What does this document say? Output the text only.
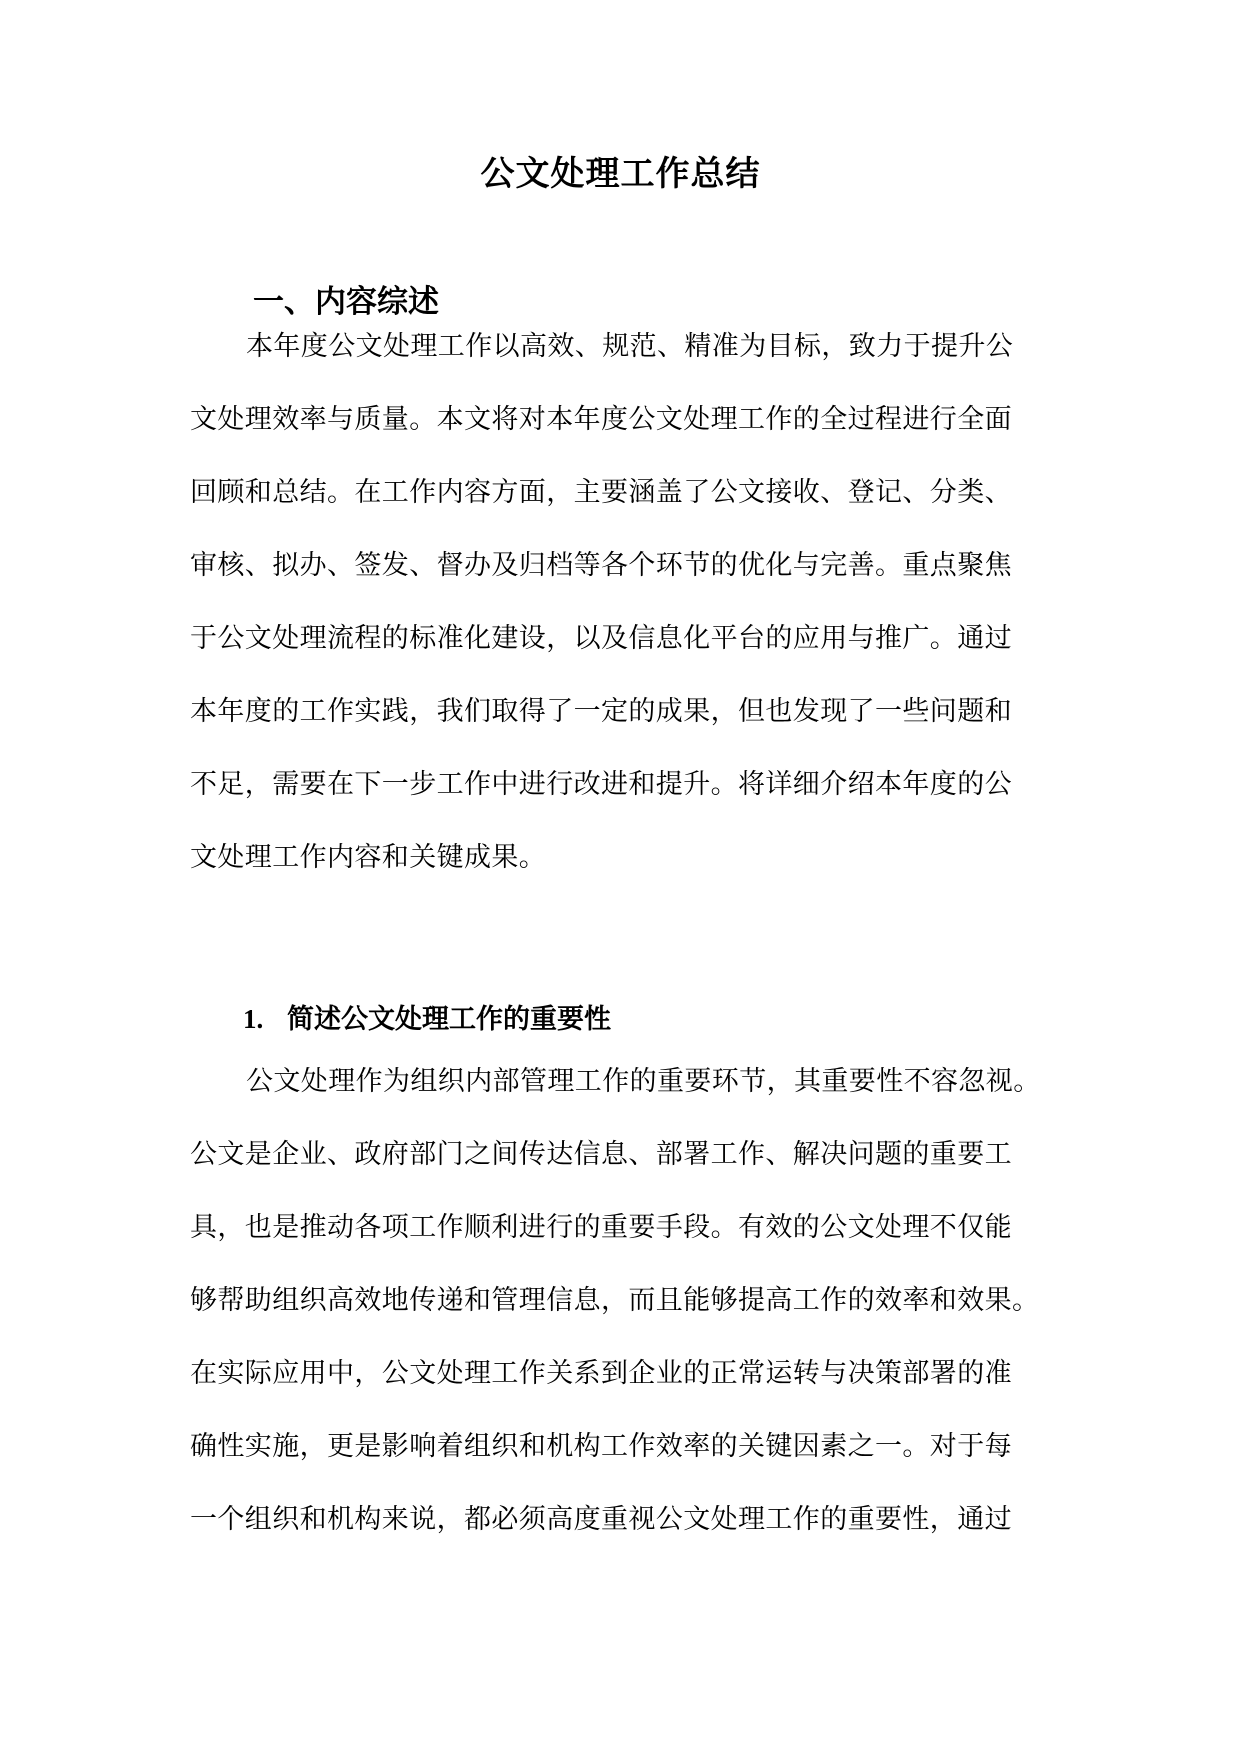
公文处理工作总结
一、内容综述
本年度公文处理工作以高效、规范、精准为目标，致力于提升公
文处理效率与质量。本文将对本年度公文处理工作的全过程进行全面
回顾和总结。在工作内容方面，主要涵盖了公文接收、登记、分类、
审核、拟办、签发、督办及归档等各个环节的优化与完善。重点聚焦
于公文处理流程的标准化建设，以及信息化平台的应用与推广。通过
本年度的工作实践，我们取得了一定的成果，但也发现了一些问题和
不足，需要在下一步工作中进行改进和提升。将详细介绍本年度的公
文处理工作内容和关键成果。
1. 简述公文处理工作的重要性
公文处理作为组织内部管理工作的重要环节，其重要性不容忽视。
公文是企业、政府部门之间传达信息、部署工作、解决问题的重要工
具，也是推动各项工作顺利进行的重要手段。有效的公文处理不仅能
够帮助组织高效地传递和管理信息，而且能够提高工作的效率和效果。
在实际应用中，公文处理工作关系到企业的正常运转与决策部署的准
确性实施，更是影响着组织和机构工作效率的关键因素之一。对于每
一个组织和机构来说，都必须高度重视公文处理工作的重要性，通过
